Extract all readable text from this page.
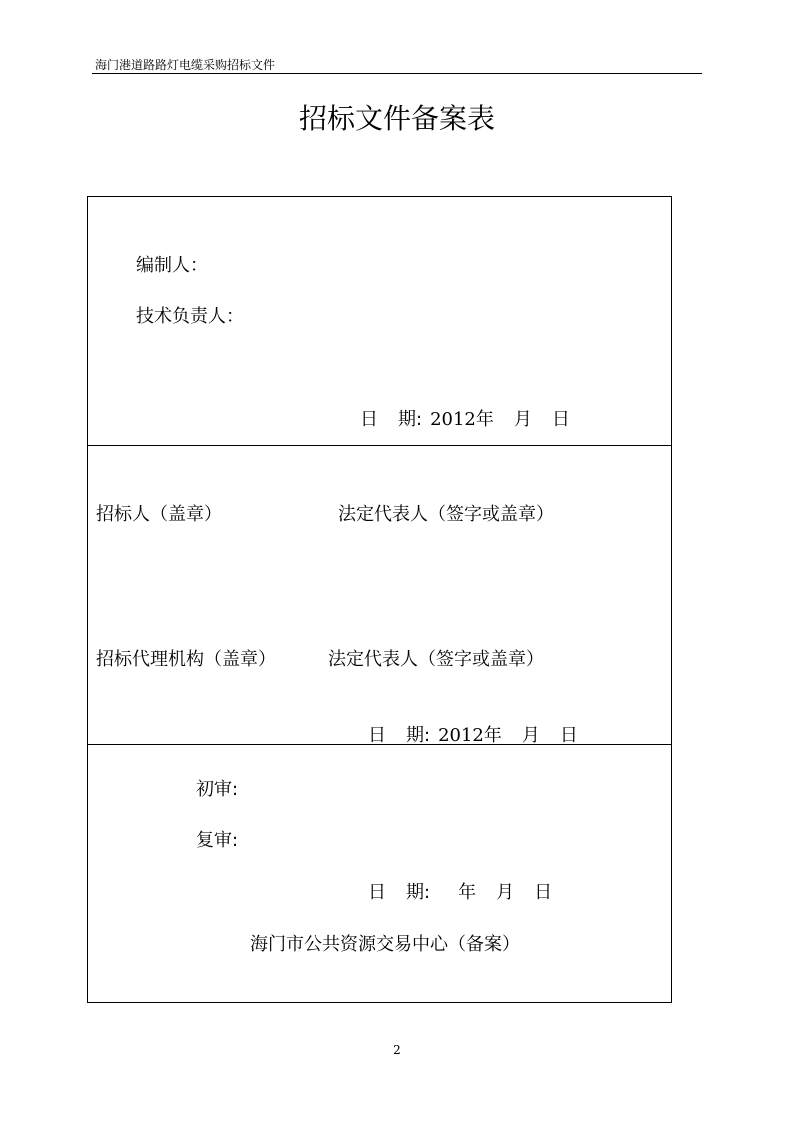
海门港道路路灯电缆采购招标文件
招标文件备案表
编制人：
技术负责人：
日 期: 2012年 月 日
招标人（盖章）	法定代表人（签字或盖章）
招标代理机构（盖章）	法定代表人（签字或盖章）
日 期: 2012年 月 日
初审:
复审:
日 期: 年 月 日
海门市公共资源交易中心（备案）
2
